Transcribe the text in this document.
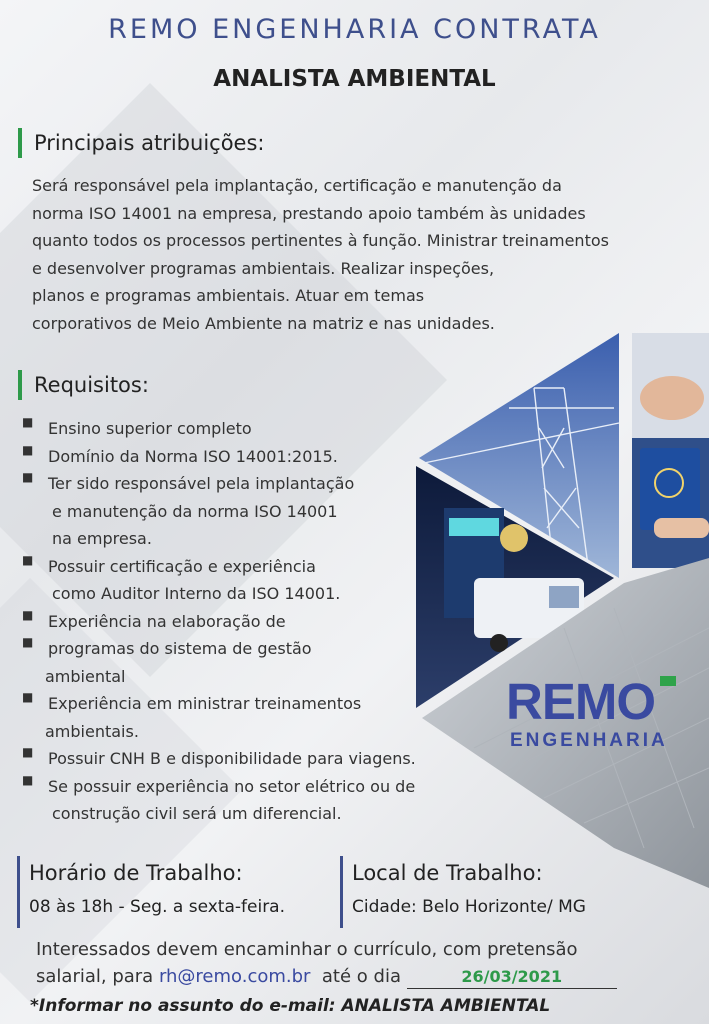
REMO ENGENHARIA CONTRATA
ANALISTA AMBIENTAL
Principais atribuições:
Será responsável pela implantação, certificação e manutenção da
norma ISO 14001 na empresa, prestando apoio também às unidades
quanto todos os processos pertinentes à função. Ministrar treinamentos
e desenvolver programas ambientais. Realizar inspeções,
planos e programas ambientais. Atuar em temas
corporativos de Meio Ambiente na matriz e nas unidades.
Requisitos:
■ Ensino superior completo
■ Domínio da Norma ISO 14001:2015.
■ Ter sido responsável pela implantação
e manutenção da norma ISO 14001
na empresa.
■ Possuir certificação e experiência
como Auditor Interno da ISO 14001.
■ Experiência na elaboração de
■ programas do sistema de gestão
ambiental
■ Experiência em ministrar treinamentos
ambientais.
■ Possuir CNH B e disponibilidade para viagens.
■ Se possuir experiência no setor elétrico ou de
construção civil será um diferencial.
REMO
ENGENHARIA
Horário de Trabalho:
08 às 18h - Seg. a sexta-feira.
Local de Trabalho:
Cidade: Belo Horizonte/ MG
Interessados devem encaminhar o currículo, com pretensão
salarial, para rh@remo.com.br  até o dia	26/03/2021
*Informar no assunto do e-mail: ANALISTA AMBIENTAL
